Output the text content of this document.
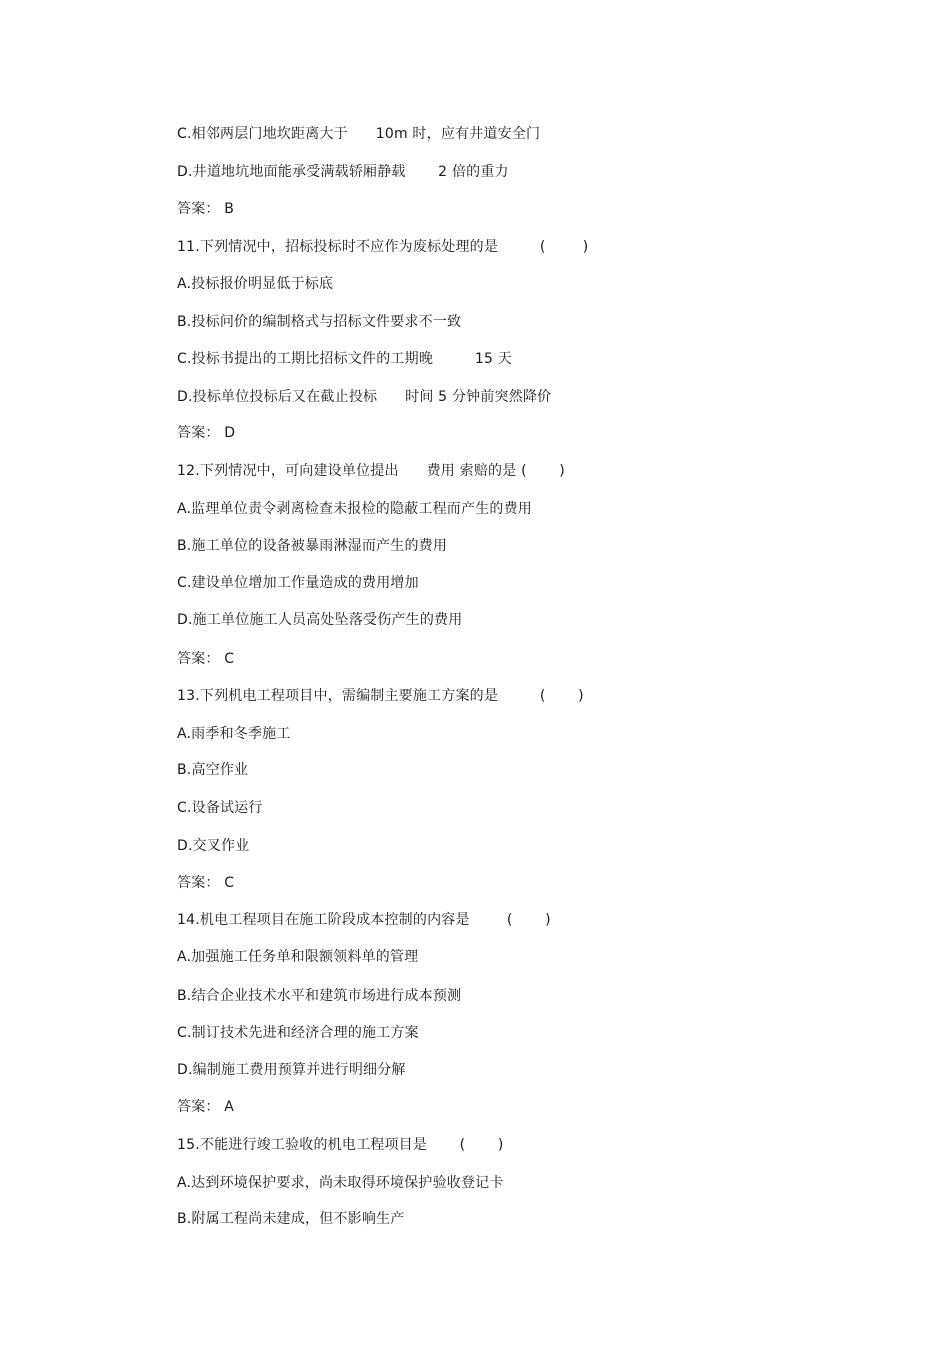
C.相邻两层门地坎距离大于      10m 时，应有井道安全门
D.井道地坑地面能承受满载轿厢静载       2 倍的重力
答案： B
11.下列情况中，招标投标时不应作为废标处理的是         (        )
A.投标报价明显低于标底
B.投标问价的编制格式与招标文件要求不一致
C.投标书提出的工期比招标文件的工期晚         15 天
D.投标单位投标后又在截止投标      时间 5 分钟前突然降价
答案： D
12.下列情况中，可向建设单位提出      费用 索赔的是 (       )
A.监理单位责令剥离检查未报检的隐蔽工程而产生的费用
B.施工单位的设备被暴雨淋湿而产生的费用
C.建设单位增加工作量造成的费用增加
D.施工单位施工人员高处坠落受伤产生的费用
答案： C
13.下列机电工程项目中，需编制主要施工方案的是         (       )
A.雨季和冬季施工
B.高空作业
C.设备试运行
D.交叉作业
答案： C
14.机电工程项目在施工阶段成本控制的内容是        (       )
A.加强施工任务单和限额领料单的管理
B.结合企业技术水平和建筑市场进行成本预测
C.制订技术先进和经济合理的施工方案
D.编制施工费用预算并进行明细分解
答案： A
15.不能进行竣工验收的机电工程项目是       (       )
A.达到环境保护要求，尚未取得环境保护验收登记卡
B.附属工程尚未建成，但不影响生产
